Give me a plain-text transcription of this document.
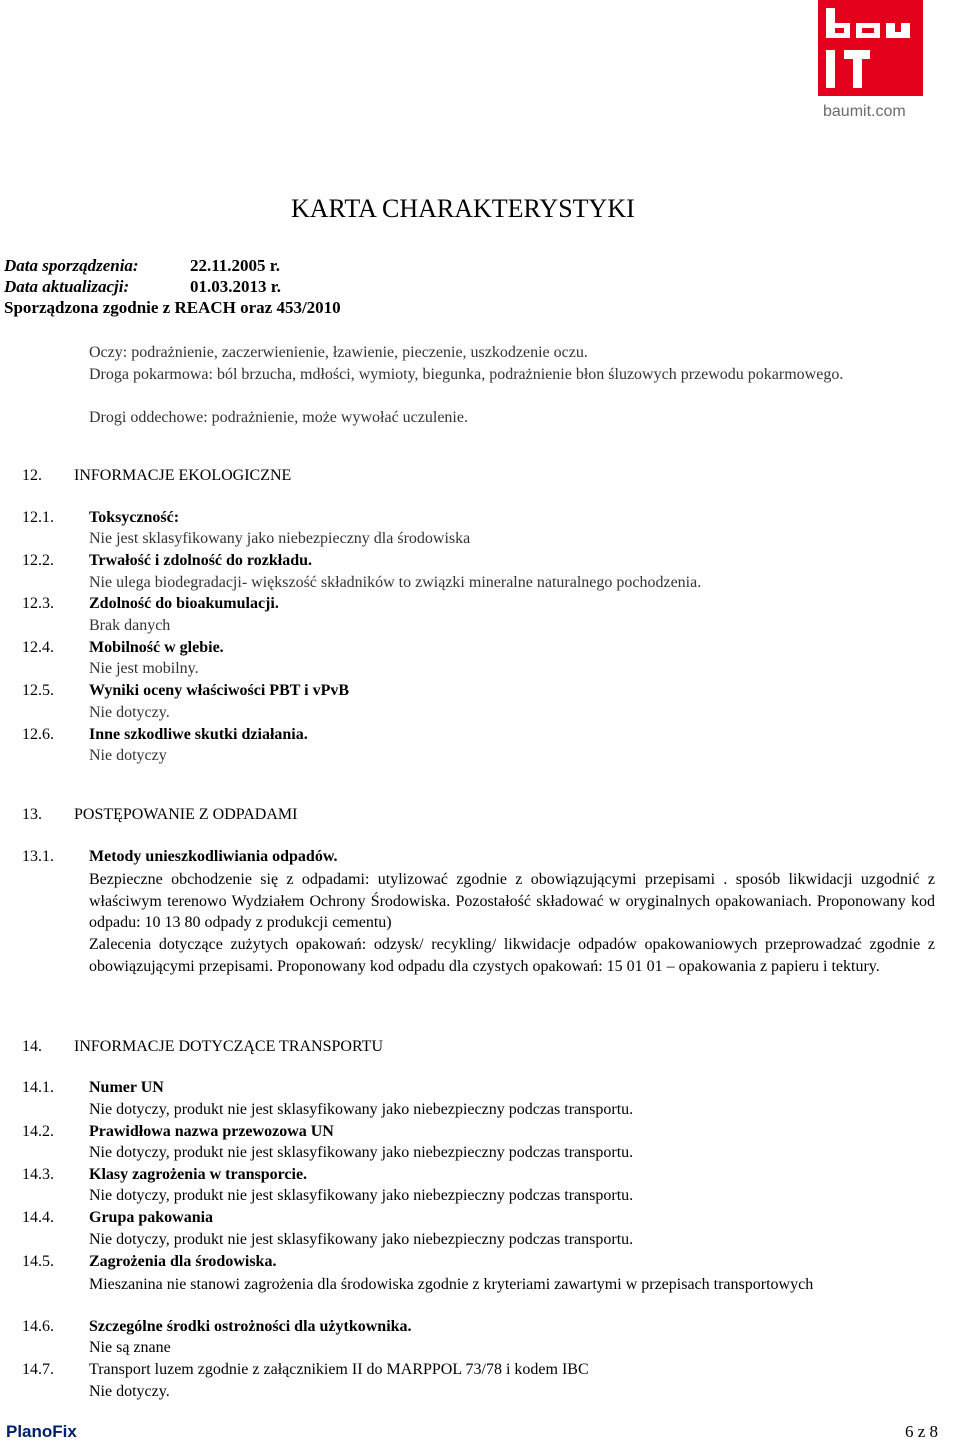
baumit.com
KARTA CHARAKTERYSTYKI
Data sporządzenia:	22.11.2005 r.
Data aktualizacji:	01.03.2013 r.
Sporządzona zgodnie z REACH oraz 453/2010
Oczy: podrażnienie, zaczerwienienie, łzawienie, pieczenie, uszkodzenie oczu.
Droga pokarmowa: ból brzucha, mdłości, wymioty, biegunka, podrażnienie błon śluzowych przewodu pokarmowego.
Drogi oddechowe: podrażnienie, może wywołać uczulenie.
12. INFORMACJE EKOLOGICZNE
12.1. Toksyczność:
Nie jest sklasyfikowany jako niebezpieczny dla środowiska
12.2. Trwałość i zdolność do rozkładu.
Nie ulega biodegradacji- większość składników to związki mineralne naturalnego pochodzenia.
12.3. Zdolność do bioakumulacji.
Brak danych
12.4. Mobilność w glebie.
Nie jest mobilny.
12.5. Wyniki oceny właściwości PBT i vPvB
Nie dotyczy.
12.6. Inne szkodliwe skutki działania.
Nie dotyczy
13. POSTĘPOWANIE Z ODPADAMI
13.1. Metody unieszkodliwiania odpadów.
Bezpieczne obchodzenie się z odpadami: utylizować zgodnie z obowiązującymi przepisami . sposób likwidacji uzgodnić z właściwym terenowo Wydziałem Ochrony Środowiska. Pozostałość składować w oryginalnych opakowaniach. Proponowany kod odpadu: 10 13 80 odpady z produkcji cementu)
Zalecenia dotyczące zużytych opakowań: odzysk/ recykling/ likwidacje odpadów opakowaniowych przeprowadzać zgodnie z obowiązującymi przepisami. Proponowany kod odpadu dla czystych opakowań: 15 01 01 – opakowania z papieru i tektury.
14. INFORMACJE DOTYCZĄCE TRANSPORTU
14.1. Numer UN
Nie dotyczy, produkt nie jest sklasyfikowany jako niebezpieczny podczas transportu.
14.2. Prawidłowa nazwa przewozowa UN
Nie dotyczy, produkt nie jest sklasyfikowany jako niebezpieczny podczas transportu.
14.3. Klasy zagrożenia w transporcie.
Nie dotyczy, produkt nie jest sklasyfikowany jako niebezpieczny podczas transportu.
14.4. Grupa pakowania
Nie dotyczy, produkt nie jest sklasyfikowany jako niebezpieczny podczas transportu.
14.5. Zagrożenia dla środowiska.
Mieszanina nie stanowi zagrożenia dla środowiska zgodnie z kryteriami zawartymi w przepisach transportowych
14.6. Szczególne środki ostrożności dla użytkownika.
Nie są znane
14.7. Transport luzem zgodnie z załącznikiem II do MARPPOL 73/78 i kodem IBC
Nie dotyczy.
PlanoFix	6 z 8
